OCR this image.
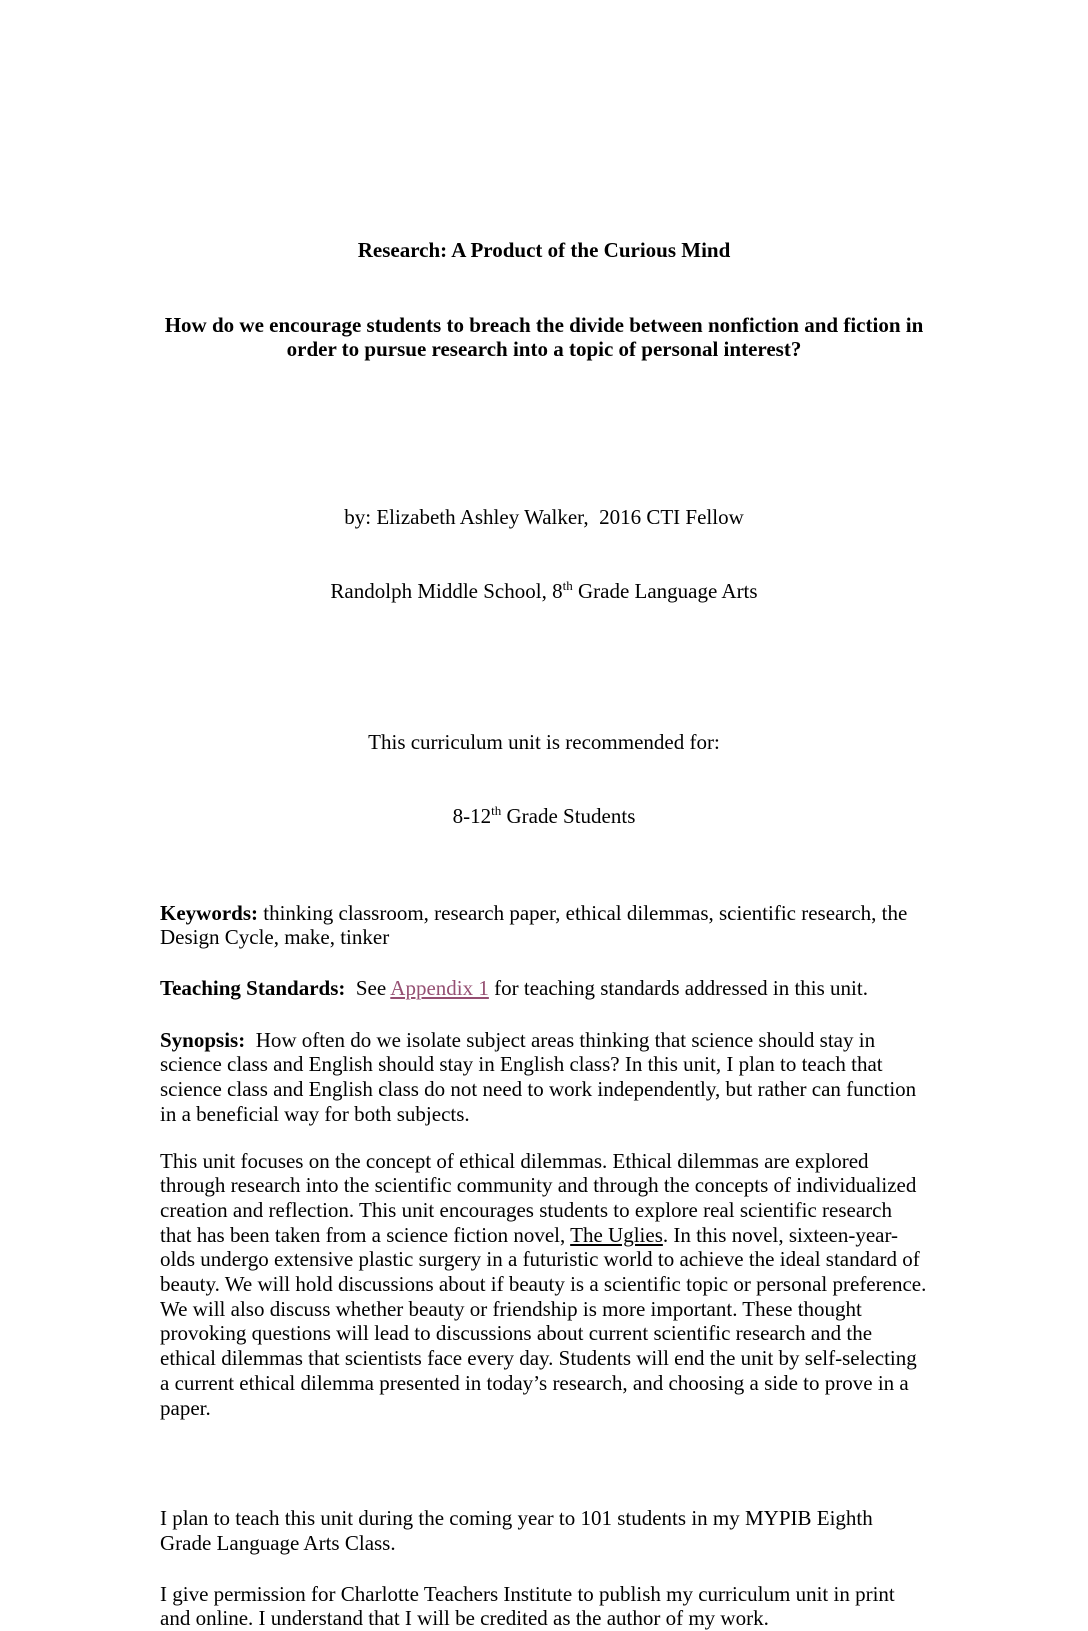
Research: A Product of the Curious Mind

How do we encourage students to breach the divide between nonfiction and fiction in order to pursue research into a topic of personal interest?

by: Elizabeth Ashley Walker,  2016 CTI Fellow

Randolph Middle School, 8th Grade Language Arts

This curriculum unit is recommended for:

8-12th Grade Students

Keywords: thinking classroom, research paper, ethical dilemmas, scientific research, the Design Cycle, make, tinker

Teaching Standards:  See Appendix 1 for teaching standards addressed in this unit.

Synopsis:  How often do we isolate subject areas thinking that science should stay in science class and English should stay in English class? In this unit, I plan to teach that science class and English class do not need to work independently, but rather can function in a beneficial way for both subjects.

This unit focuses on the concept of ethical dilemmas. Ethical dilemmas are explored through research into the scientific community and through the concepts of individualized creation and reflection. This unit encourages students to explore real scientific research that has been taken from a science fiction novel, The Uglies. In this novel, sixteen-year-olds undergo extensive plastic surgery in a futuristic world to achieve the ideal standard of beauty. We will hold discussions about if beauty is a scientific topic or personal preference. We will also discuss whether beauty or friendship is more important. These thought provoking questions will lead to discussions about current scientific research and the ethical dilemmas that scientists face every day. Students will end the unit by self-selecting a current ethical dilemma presented in today’s research, and choosing a side to prove in a paper.

I plan to teach this unit during the coming year to 101 students in my MYPIB Eighth Grade Language Arts Class.

I give permission for Charlotte Teachers Institute to publish my curriculum unit in print and online. I understand that I will be credited as the author of my work.
